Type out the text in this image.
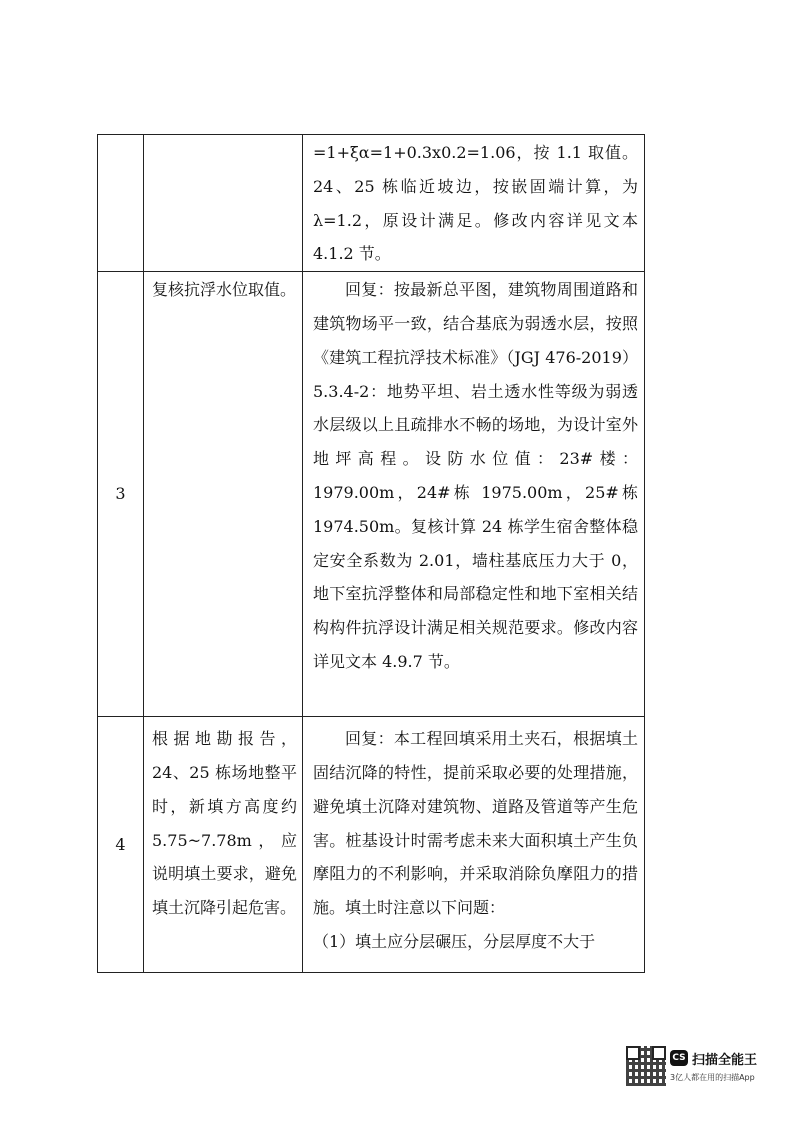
		=1+ξα=1+0.3x0.2=1.06，按 1.1 取值。24、25 栋临近坡边，按嵌固端计算，为 λ=1.2，原设计满足。修改内容详见文本 4.1.2 节。

3	复核抗浮水位取值。	回复：按最新总平图，建筑物周围道路和建筑物场平一致，结合基底为弱透水层，按照《建筑工程抗浮技术标准》（JGJ 476-2019）5.3.4-2：地势平坦、岩土透水性等级为弱透水层级以上且疏排水不畅的场地，为设计室外地坪高程。设防水位值：23#楼：1979.00m，24#栋 1975.00m，25#栋 1974.50m。复核计算 24 栋学生宿舍整体稳定安全系数为 2.01，墙柱基底压力大于 0，地下室抗浮整体和局部稳定性和地下室相关结构构件抗浮设计满足相关规范要求。修改内容详见文本 4.9.7 节。

4	根据地勘报告，24、25 栋场地整平时，新填方高度约 5.75~7.78m，应说明填土要求，避免填土沉降引起危害。	回复：本工程回填采用土夹石，根据填土固结沉降的特性，提前采取必要的处理措施，避免填土沉降对建筑物、道路及管道等产生危害。桩基设计时需考虑未来大面积填土产生负摩阻力的不利影响，并采取消除负摩阻力的措施。填土时注意以下问题：

（1）填土应分层碾压，分层厚度不大于

CS 扫描全能王
3亿人都在用的扫描App
